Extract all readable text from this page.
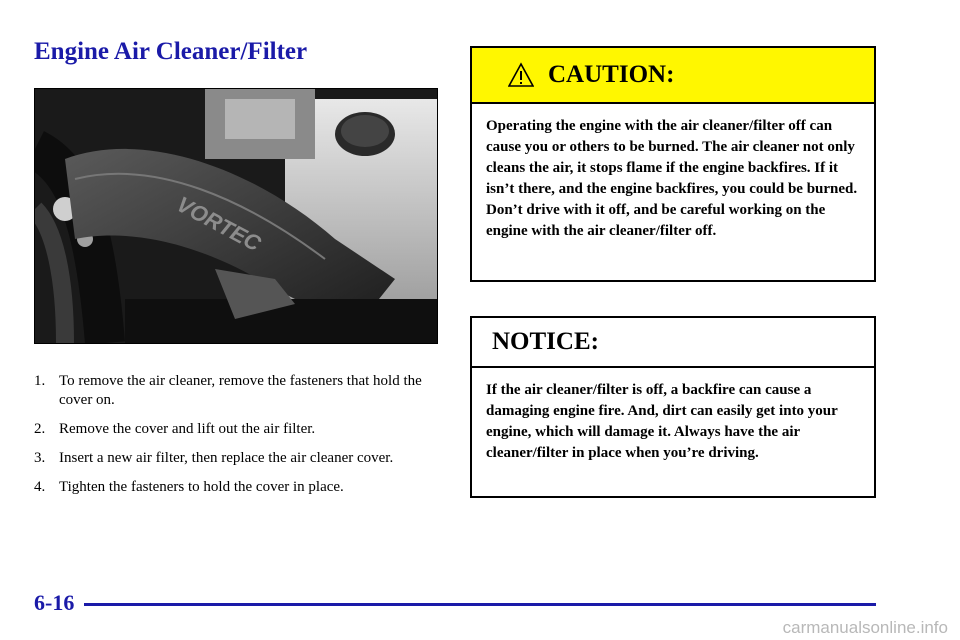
Engine Air Cleaner/Filter
VORTEC
1. To remove the air cleaner, remove the fasteners that hold the cover on.
2. Remove the cover and lift out the air filter.
3. Insert a new air filter, then replace the air cleaner cover.
4. Tighten the fasteners to hold the cover in place.
CAUTION:
Operating the engine with the air cleaner/filter off can cause you or others to be burned. The air cleaner not only cleans the air, it stops flame if the engine backfires. If it isn’t there, and the engine backfires, you could be burned. Don’t drive with it off, and be careful working on the engine with the air cleaner/filter off.
NOTICE:
If the air cleaner/filter is off, a backfire can cause a damaging engine fire. And, dirt can easily get into your engine, which will damage it. Always have the air cleaner/filter in place when you’re driving.
6-16
carmanualsonline.info
